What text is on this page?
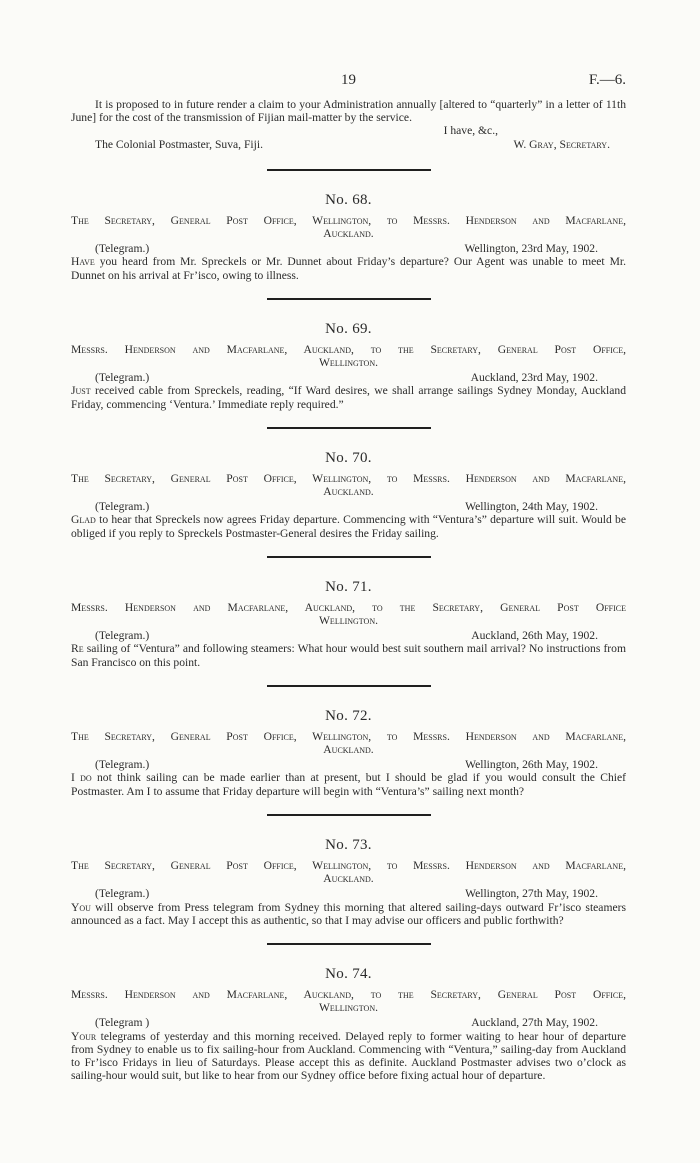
19	F.—6.

It is proposed to in future render a claim to your Administration annually [altered to “quarterly” in a letter of 11th June] for the cost of the transmission of Fijian mail-matter by the service.

I have, &c.,
The Colonial Postmaster, Suva, Fiji.	W. Gray, Secretary.
No. 68.
The Secretary, General Post Office, Wellington, to Messrs. Henderson and Macfarlane,
Auckland.
(Telegram.)	Wellington, 23rd May, 1902.

Have you heard from Mr. Spreckels or Mr. Dunnet about Friday’s departure? Our Agent was unable to meet Mr. Dunnet on his arrival at Fr’isco, owing to illness.

No. 69.
Messrs. Henderson and Macfarlane, Auckland, to the Secretary, General Post Office,
Wellington.
(Telegram.)	Auckland, 23rd May, 1902.

Just received cable from Spreckels, reading, “If Ward desires, we shall arrange sailings Sydney Monday, Auckland Friday, commencing ‘Ventura.’ Immediate reply required.”

No. 70.
The Secretary, General Post Office, Wellington, to Messrs. Henderson and Macfarlane,
Auckland.
(Telegram.)	Wellington, 24th May, 1902.

Glad to hear that Spreckels now agrees Friday departure. Commencing with “Ventura’s” departure will suit. Would be obliged if you reply to Spreckels Postmaster-General desires the Friday sailing.

No. 71.
Messrs. Henderson and Macfarlane, Auckland, to the Secretary, General Post Office
Wellington.
(Telegram.)	Auckland, 26th May, 1902.

Re sailing of “Ventura” and following steamers: What hour would best suit southern mail arrival? No instructions from San Francisco on this point.

No. 72.
The Secretary, General Post Office, Wellington, to Messrs. Henderson and Macfarlane,
Auckland.
(Telegram.)	Wellington, 26th May, 1902.

I do not think sailing can be made earlier than at present, but I should be glad if you would consult the Chief Postmaster. Am I to assume that Friday departure will begin with “Ventura’s” sailing next month?

No. 73.
The Secretary, General Post Office, Wellington, to Messrs. Henderson and Macfarlane,
Auckland.
(Telegram.)	Wellington, 27th May, 1902.

You will observe from Press telegram from Sydney this morning that altered sailing-days outward Fr’isco steamers announced as a fact. May I accept this as authentic, so that I may advise our officers and public forthwith?

No. 74.
Messrs. Henderson and Macfarlane, Auckland, to the Secretary, General Post Office,
Wellington.
(Telegram )	Auckland, 27th May, 1902.

Your telegrams of yesterday and this morning received. Delayed reply to former waiting to hear hour of departure from Sydney to enable us to fix sailing-hour from Auckland. Commencing with “Ventura,” sailing-day from Auckland to Fr’isco Fridays in lieu of Saturdays. Please accept this as definite. Auckland Postmaster advises two o’clock as sailing-hour would suit, but like to hear from our Sydney office before fixing actual hour of departure.
